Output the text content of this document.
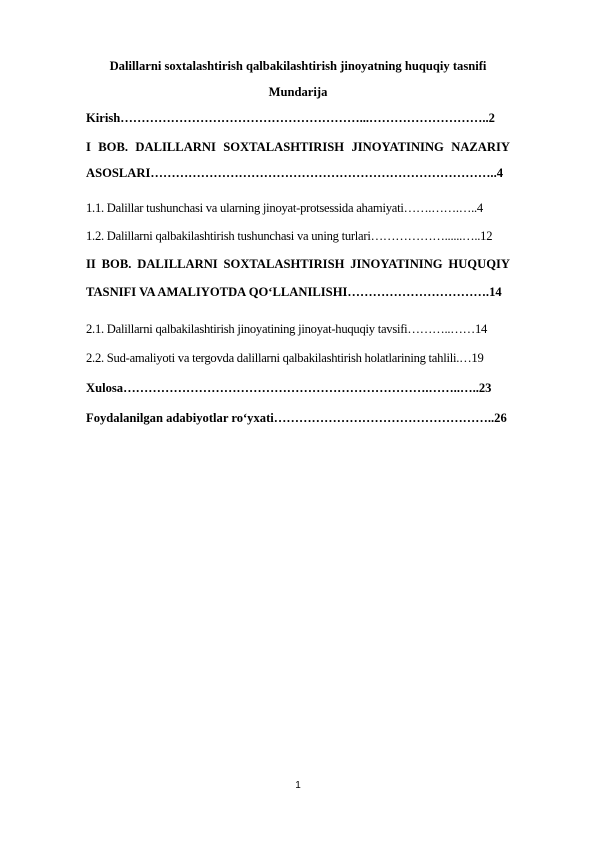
Dalillarni soxtalashtirish qalbakilashtirish jinoyatning huquqiy tasnifi
Mundarija
Kirish…………………………………………………...………………………..2
I BOB. DALILLARNI SOXTALASHTIRISH JINOYATINING NAZARIY
ASOSLARI………………………………………………………………………..4
1.1. Dalillar tushunchasi va ularning jinoyat-protsessida ahamiyati…….…….…..4
1.2. Dalillarni qalbakilashtirish tushunchasi va uning turlari………………......…..12
II BOB. DALILLARNI SOXTALASHTIRISH JINOYATINING HUQUQIY
TASNIFI VA AMALIYOTDA QO‘LLANILISHI…………………………….14
2.1. Dalillarni qalbakilashtirish jinoyatining jinoyat-huquqiy tavsifi………..……14
2.2. Sud-amaliyoti va tergovda dalillarni qalbakilashtirish holatlarining tahlili.…19
Xulosa……………………………………………………………….……..…..23
Foydalanilgan adabiyotlar ro‘yxati……………………………………………..26
1
